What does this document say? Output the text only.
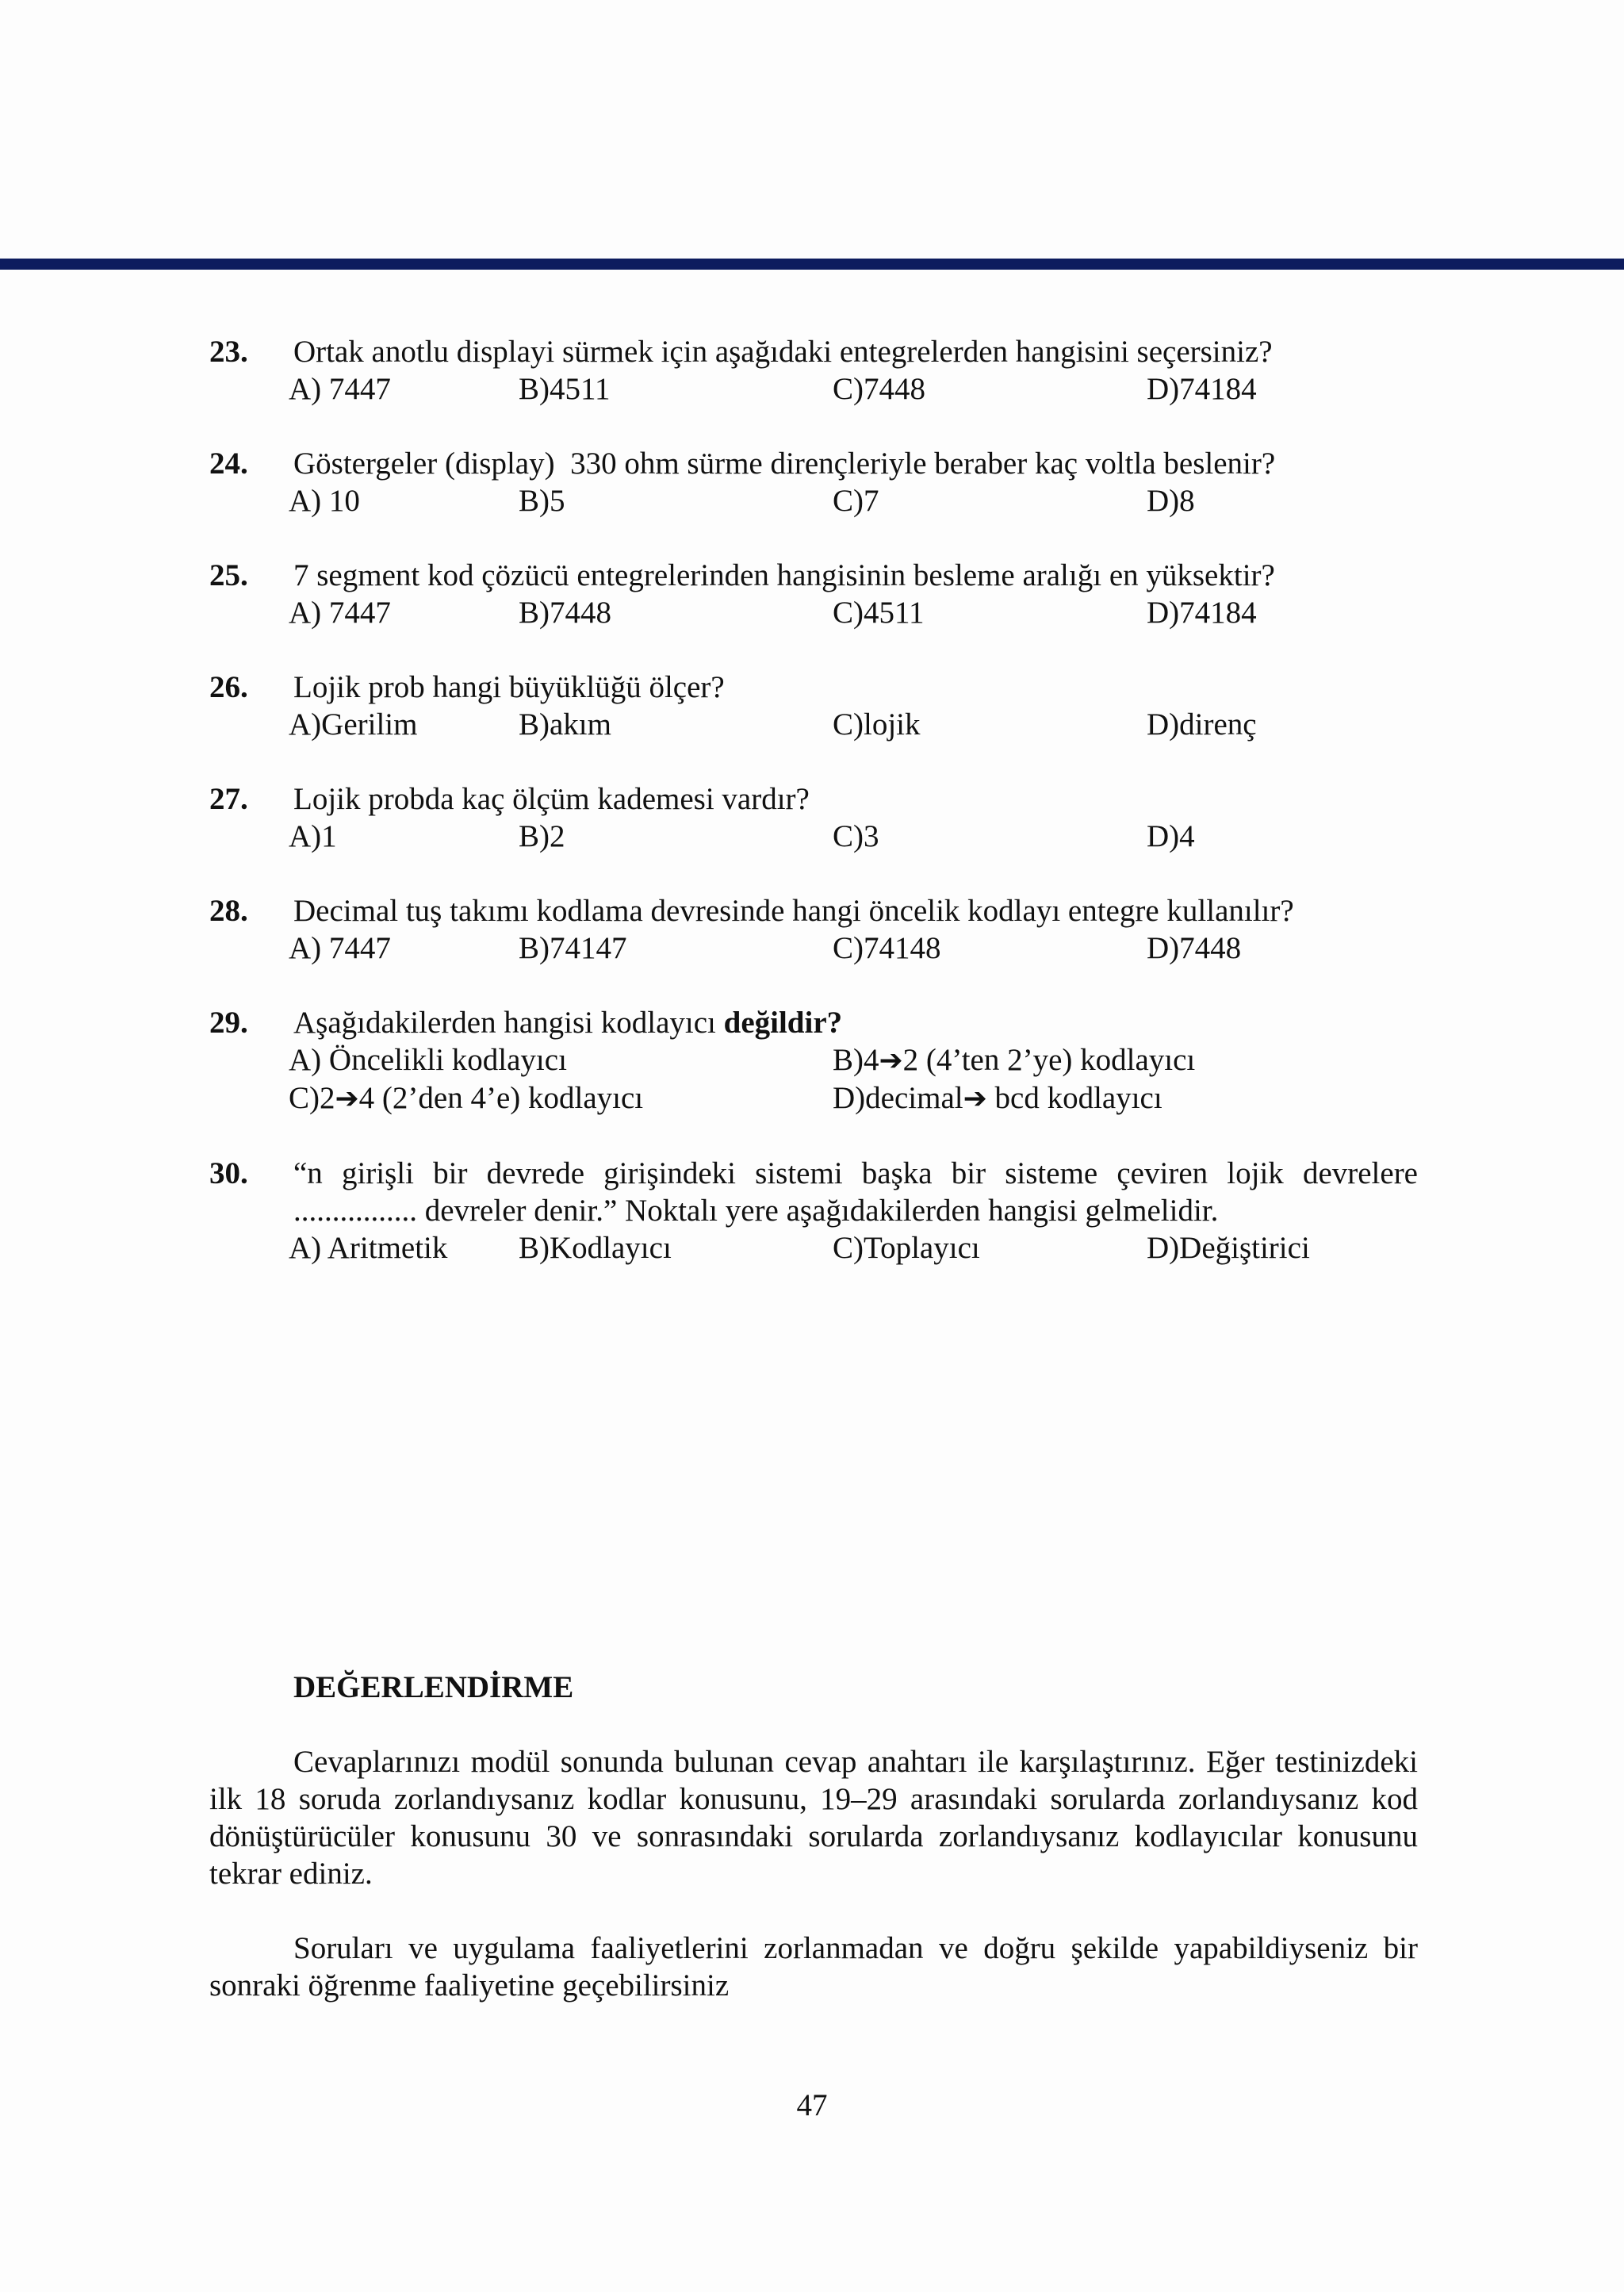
23.	Ortak anotlu displayi sürmek için aşağıdaki entegrelerden hangisini seçersiniz?
A) 7447	B)4511	C)7448	D)74184
24.	Göstergeler (display)  330 ohm sürme dirençleriyle beraber kaç voltla beslenir?
A) 10	B)5	C)7	D)8
25.	7 segment kod çözücü entegrelerinden hangisinin besleme aralığı en yüksektir?
A) 7447	B)7448	C)4511	D)74184
26.	Lojik prob hangi büyüklüğü ölçer?
A)Gerilim	B)akım	C)lojik	D)direnç
27.	Lojik probda kaç ölçüm kademesi vardır?
A)1	B)2	C)3	D)4
28.	Decimal tuş takımı kodlama devresinde hangi öncelik kodlayı entegre kullanılır?
A) 7447	B)74147	C)74148	D)7448
29.	Aşağıdakilerden hangisi kodlayıcı değildir?
A) Öncelikli kodlayıcı	B)4➔2 (4’ten 2’ye) kodlayıcı
C)2➔4 (2’den 4’e) kodlayıcı	D)decimal➔ bcd kodlayıcı
30.	“n girişli bir devrede girişindeki sistemi başka bir sisteme çeviren lojik devrelere
................ devreler denir.” Noktalı yere aşağıdakilerden hangisi gelmelidir.
A) Aritmetik	B)Kodlayıcı	C)Toplayıcı	D)Değiştirici
DEĞERLENDİRME
Cevaplarınızı modül sonunda bulunan cevap anahtarı ile karşılaştırınız. Eğer testinizdeki ilk 18 soruda zorlandıysanız kodlar konusunu, 19–29 arasındaki sorularda zorlandıysanız kod dönüştürücüler konusunu 30 ve sonrasındaki sorularda zorlandıysanız kodlayıcılar konusunu tekrar ediniz.
Soruları ve uygulama faaliyetlerini zorlanmadan ve doğru şekilde yapabildiyseniz bir sonraki öğrenme faaliyetine geçebilirsiniz
47
